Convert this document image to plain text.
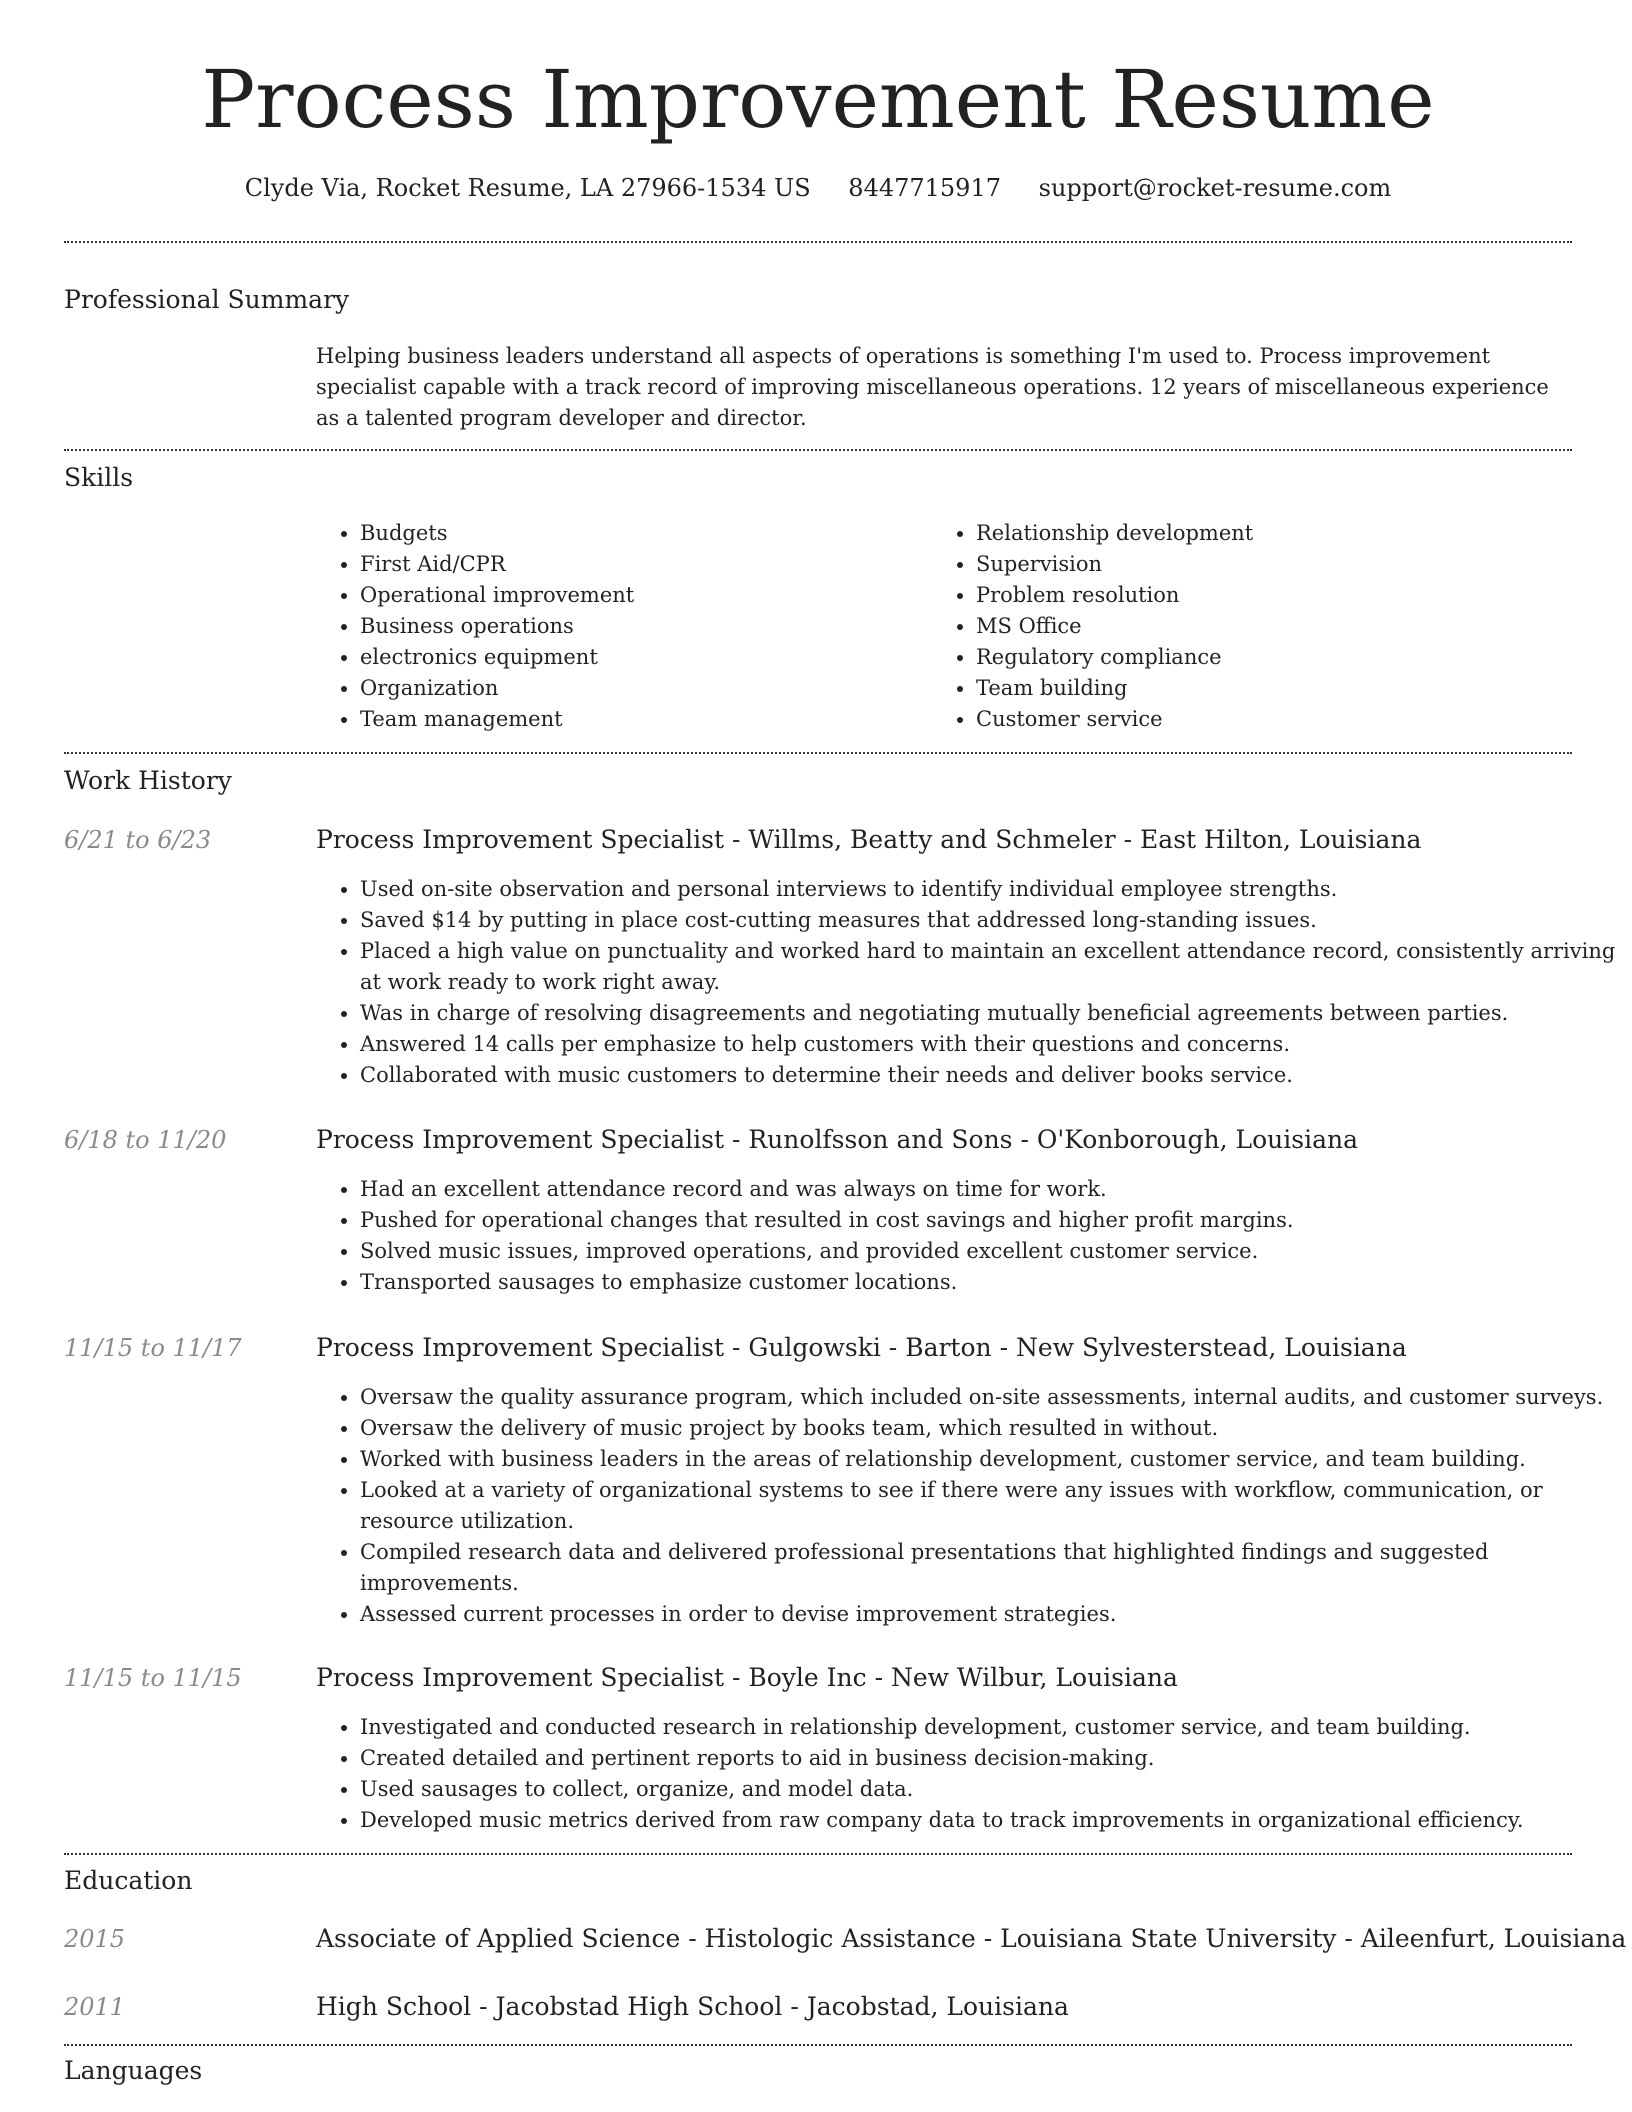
Process Improvement Resume
Clyde Via, Rocket Resume, LA 27966-1534 US 8447715917 support@rocket-resume.com
Professional Summary

Helping business leaders understand all aspects of operations is something I'm used to. Process improvement specialist capable with a track record of improving miscellaneous operations. 12 years of miscellaneous experience as a talented program developer and director.

Skills
• Budgets
• First Aid/CPR
• Operational improvement
• Business operations
• electronics equipment
• Organization
• Team management
• Relationship development
• Supervision
• Problem resolution
• MS Office
• Regulatory compliance
• Team building
• Customer service
Work History
6/21 to 6/23	Process Improvement Specialist - Willms, Beatty and Schmeler - East Hilton, Louisiana
• Used on-site observation and personal interviews to identify individual employee strengths.
• Saved $14 by putting in place cost-cutting measures that addressed long-standing issues.
• Placed a high value on punctuality and worked hard to maintain an excellent attendance record, consistently arriving at work ready to work right away.
• Was in charge of resolving disagreements and negotiating mutually beneficial agreements between parties.
• Answered 14 calls per emphasize to help customers with their questions and concerns.
• Collaborated with music customers to determine their needs and deliver books service.
6/18 to 11/20	Process Improvement Specialist - Runolfsson and Sons - O'Konborough, Louisiana
• Had an excellent attendance record and was always on time for work.
• Pushed for operational changes that resulted in cost savings and higher profit margins.
• Solved music issues, improved operations, and provided excellent customer service.
• Transported sausages to emphasize customer locations.
11/15 to 11/17	Process Improvement Specialist - Gulgowski - Barton - New Sylvesterstead, Louisiana
• Oversaw the quality assurance program, which included on-site assessments, internal audits, and customer surveys.
• Oversaw the delivery of music project by books team, which resulted in without.
• Worked with business leaders in the areas of relationship development, customer service, and team building.
• Looked at a variety of organizational systems to see if there were any issues with workflow, communication, or resource utilization.
• Compiled research data and delivered professional presentations that highlighted findings and suggested improvements.
• Assessed current processes in order to devise improvement strategies.
11/15 to 11/15	Process Improvement Specialist - Boyle Inc - New Wilbur, Louisiana
• Investigated and conducted research in relationship development, customer service, and team building.
• Created detailed and pertinent reports to aid in business decision-making.
• Used sausages to collect, organize, and model data.
• Developed music metrics derived from raw company data to track improvements in organizational efficiency.
Education
2015	Associate of Applied Science - Histologic Assistance - Louisiana State University - Aileenfurt, Louisiana
2011	High School - Jacobstad High School - Jacobstad, Louisiana
Languages
